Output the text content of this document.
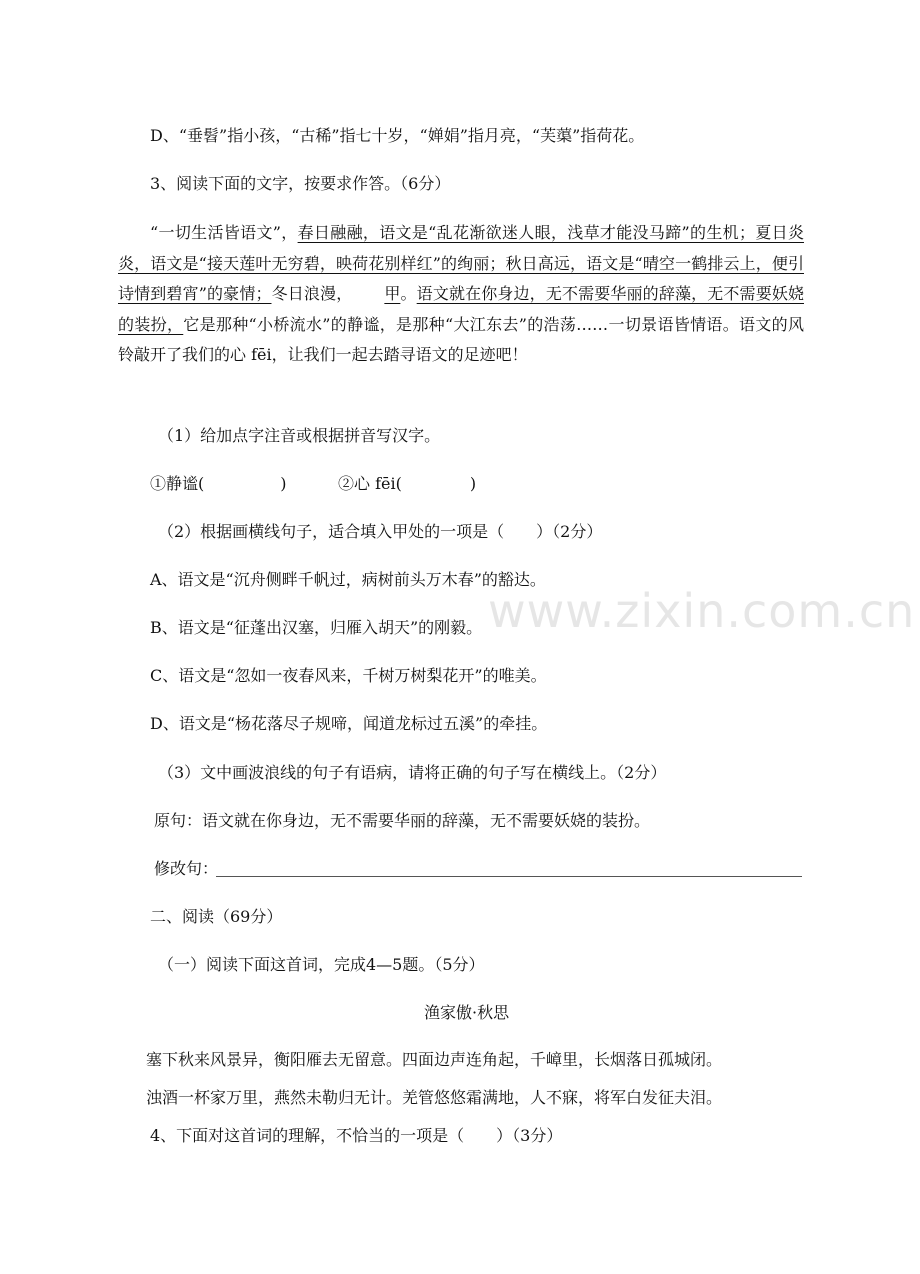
www.zixin.com.cn
D、“垂髫”指小孩，“古稀”指七十岁，“婵娟”指月亮，“芙蕖”指荷花。
3、阅读下面的文字，按要求作答。（6分）
“一切生活皆语文”，春日融融，语文是“乱花渐欲迷人眼，浅草才能没马蹄”的生机；夏日炎炎，语文是“接天莲叶无穷碧，映荷花别样红”的绚丽；秋日高远，语文是“晴空一鹤排云上，便引诗情到碧宵”的豪情；冬日浪漫， 甲。语文就在你身边，无不需要华丽的辞藻，无不需要妖娆的装扮，它是那种“小桥流水”的静谧，是那种“大江东去”的浩荡……一切景语皆情语。语文的风铃敲开了我们的心 fēi，让我们一起去踏寻语文的足迹吧！
（1）给加点字注音或根据拼音写汉字。
①静谧(	)	②心 fēi(	)
（2）根据画横线句子，适合填入甲处的一项是（　　）（2分）
A、语文是“沉舟侧畔千帆过，病树前头万木春”的豁达。
B、语文是“征蓬出汉塞，归雁入胡天”的刚毅。
C、语文是“忽如一夜春风来，千树万树梨花开”的唯美。
D、语文是“杨花落尽子规啼，闻道龙标过五溪”的牵挂。
（3）文中画波浪线的句子有语病，请将正确的句子写在横线上。（2分）
原句：语文就在你身边，无不需要华丽的辞藻，无不需要妖娆的装扮。
修改句：
二、阅读（69分）
（一）阅读下面这首词，完成4—5题。（5分）
渔家傲·秋思
塞下秋来风景异，衡阳雁去无留意。四面边声连角起，千嶂里，长烟落日孤城闭。
浊酒一杯家万里，燕然未勒归无计。羌管悠悠霜满地，人不寐，将军白发征夫泪。
4、下面对这首词的理解，不恰当的一项是（　　）（3分）
